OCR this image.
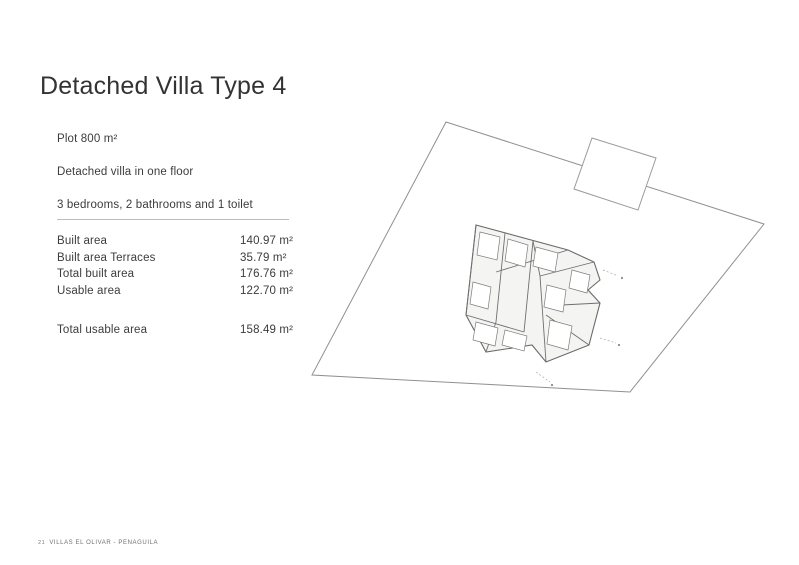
Detached Villa Type 4
Plot 800 m²
Detached villa in one floor
3 bedrooms, 2 bathrooms and 1 toilet
Built area	140.97 m²
Built area Terraces	35.79 m²
Total built area	176.76 m²
Usable area	122.70 m²
Total usable area	158.49 m²
21 VILLAS EL OLIVAR - PENAGUILA
